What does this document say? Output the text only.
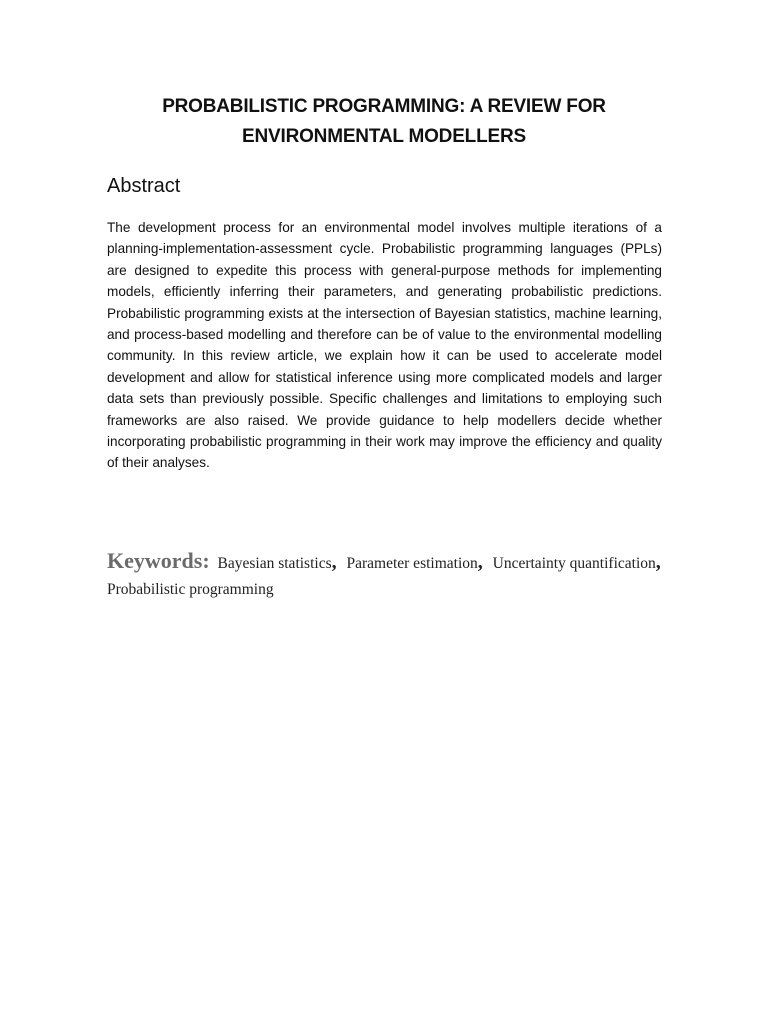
PROBABILISTIC PROGRAMMING: A REVIEW FOR
ENVIRONMENTAL MODELLERS
Abstract

The development process for an environmental model involves multiple iterations of a planning-implementation-assessment cycle. Probabilistic programming languages (PPLs) are designed to expedite this process with general-purpose methods for implementing models, efficiently inferring their parameters, and generating probabilistic predictions. Probabilistic programming exists at the intersection of Bayesian statistics, machine learning, and process-based modelling and therefore can be of value to the environmental modelling community. In this review article, we explain how it can be used to accelerate model development and allow for statistical inference using more complicated models and larger data sets than previously possible. Specific challenges and limitations to employing such frameworks are also raised. We provide guidance to help modellers decide whether incorporating probabilistic programming in their work may improve the efficiency and quality of their analyses.

Keywords: Bayesian statistics, Parameter estimation, Uncertainty quantification, Probabilistic programming
